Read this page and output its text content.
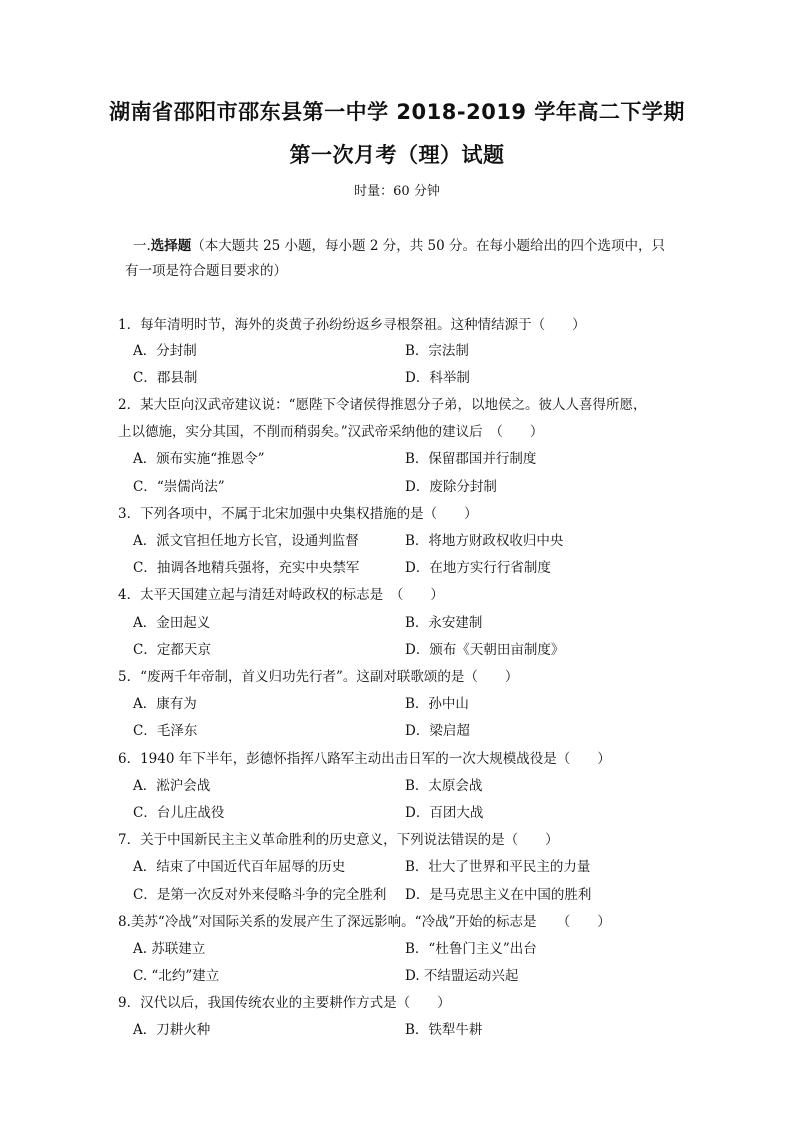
湖南省邵阳市邵东县第一中学 2018-2019 学年高二下学期
第一次月考（理）试题
时量：60 分钟
一.选择题（本大题共 25 小题，每小题 2 分，共 50 分。在每小题给出的四个选项中，只
有一项是符合题目要求的）
1．每年清明时节，海外的炎黄子孙纷纷返乡寻根祭祖。这种情结源于（　　）
A．分封制	B．宗法制
C．郡县制	D．科举制
2．某大臣向汉武帝建议说：“愿陛下令诸侯得推恩分子弟，以地侯之。彼人人喜得所愿，
上以德施，实分其国，不削而稍弱矣。”汉武帝采纳他的建议后　（　　）
A．颁布实施“推恩令”	B．保留郡国并行制度
C．“崇儒尚法”	D．废除分封制
3．下列各项中，不属于北宋加强中央集权措施的是（　　）
A．派文官担任地方长官，设通判监督	B．将地方财政权收归中央
C．抽调各地精兵强将，充实中央禁军	D．在地方实行行省制度
4．太平天国建立起与清廷对峙政权的标志是　（　　）
A．金田起义	B．永安建制
C．定都天京	D．颁布《天朝田亩制度》
5．“废两千年帝制，首义归功先行者”。这副对联歌颂的是（　　）
A．康有为	B．孙中山
C．毛泽东	D．梁启超
6．1940 年下半年，彭德怀指挥八路军主动出击日军的一次大规模战役是（　　）
A．淞沪会战	B．太原会战
C．台儿庄战役	D．百团大战
7．关于中国新民主主义革命胜利的历史意义，下列说法错误的是（　　）
A．结束了中国近代百年屈辱的历史	B．壮大了世界和平民主的力量
C．是第一次反对外来侵略斗争的完全胜利 D．是马克思主义在中国的胜利
8.美苏“冷战”对国际关系的发展产生了深远影响。“冷战”开始的标志是　　（　　）
A. 苏联建立	B．“杜鲁门主义”出台
C. “北约”建立	D. 不结盟运动兴起
9．汉代以后，我国传统农业的主要耕作方式是（　　）
A．刀耕火种	B．铁犁牛耕
